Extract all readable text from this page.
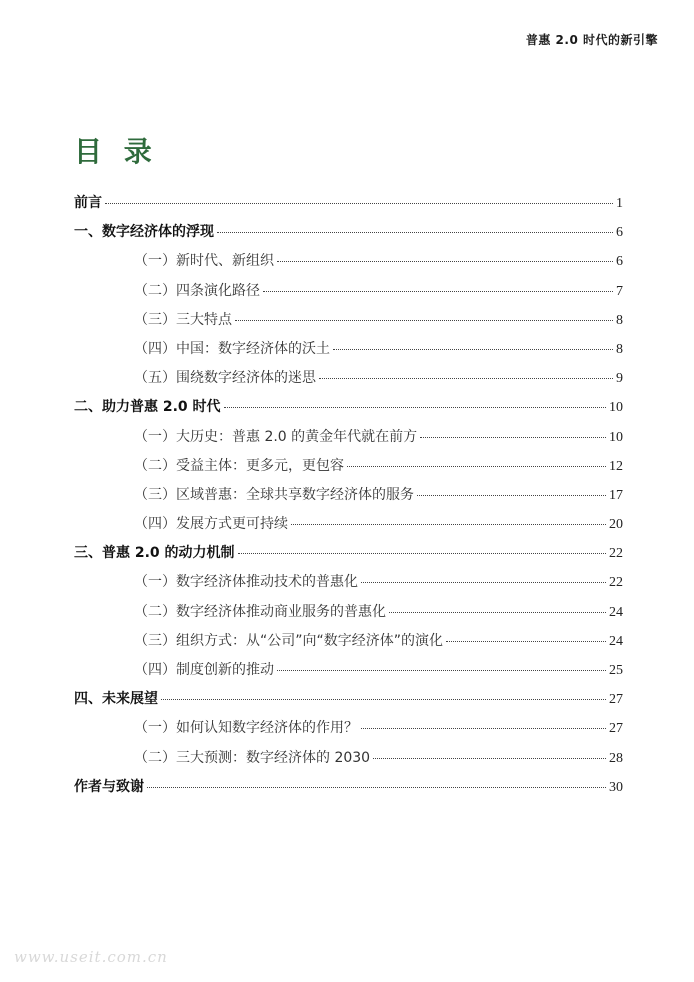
普惠 2.0 时代的新引擎
目 录
前言	1
一、数字经济体的浮现	6
（一）新时代、新组织	6
（二）四条演化路径	7
（三）三大特点	8
（四）中国：数字经济体的沃土	8
（五）围绕数字经济体的迷思	9
二、助力普惠 2.0 时代	10
（一）大历史：普惠 2.0 的黄金年代就在前方	10
（二）受益主体：更多元，更包容	12
（三）区域普惠：全球共享数字经济体的服务	17
（四）发展方式更可持续	20
三、普惠 2.0 的动力机制	22
（一）数字经济体推动技术的普惠化	22
（二）数字经济体推动商业服务的普惠化	24
（三）组织方式：从“公司”向“数字经济体”的演化	24
（四）制度创新的推动	25
四、未来展望	27
（一）如何认知数字经济体的作用？	27
（二）三大预测：数字经济体的 2030	28
作者与致谢	30
www.useit.com.cn
